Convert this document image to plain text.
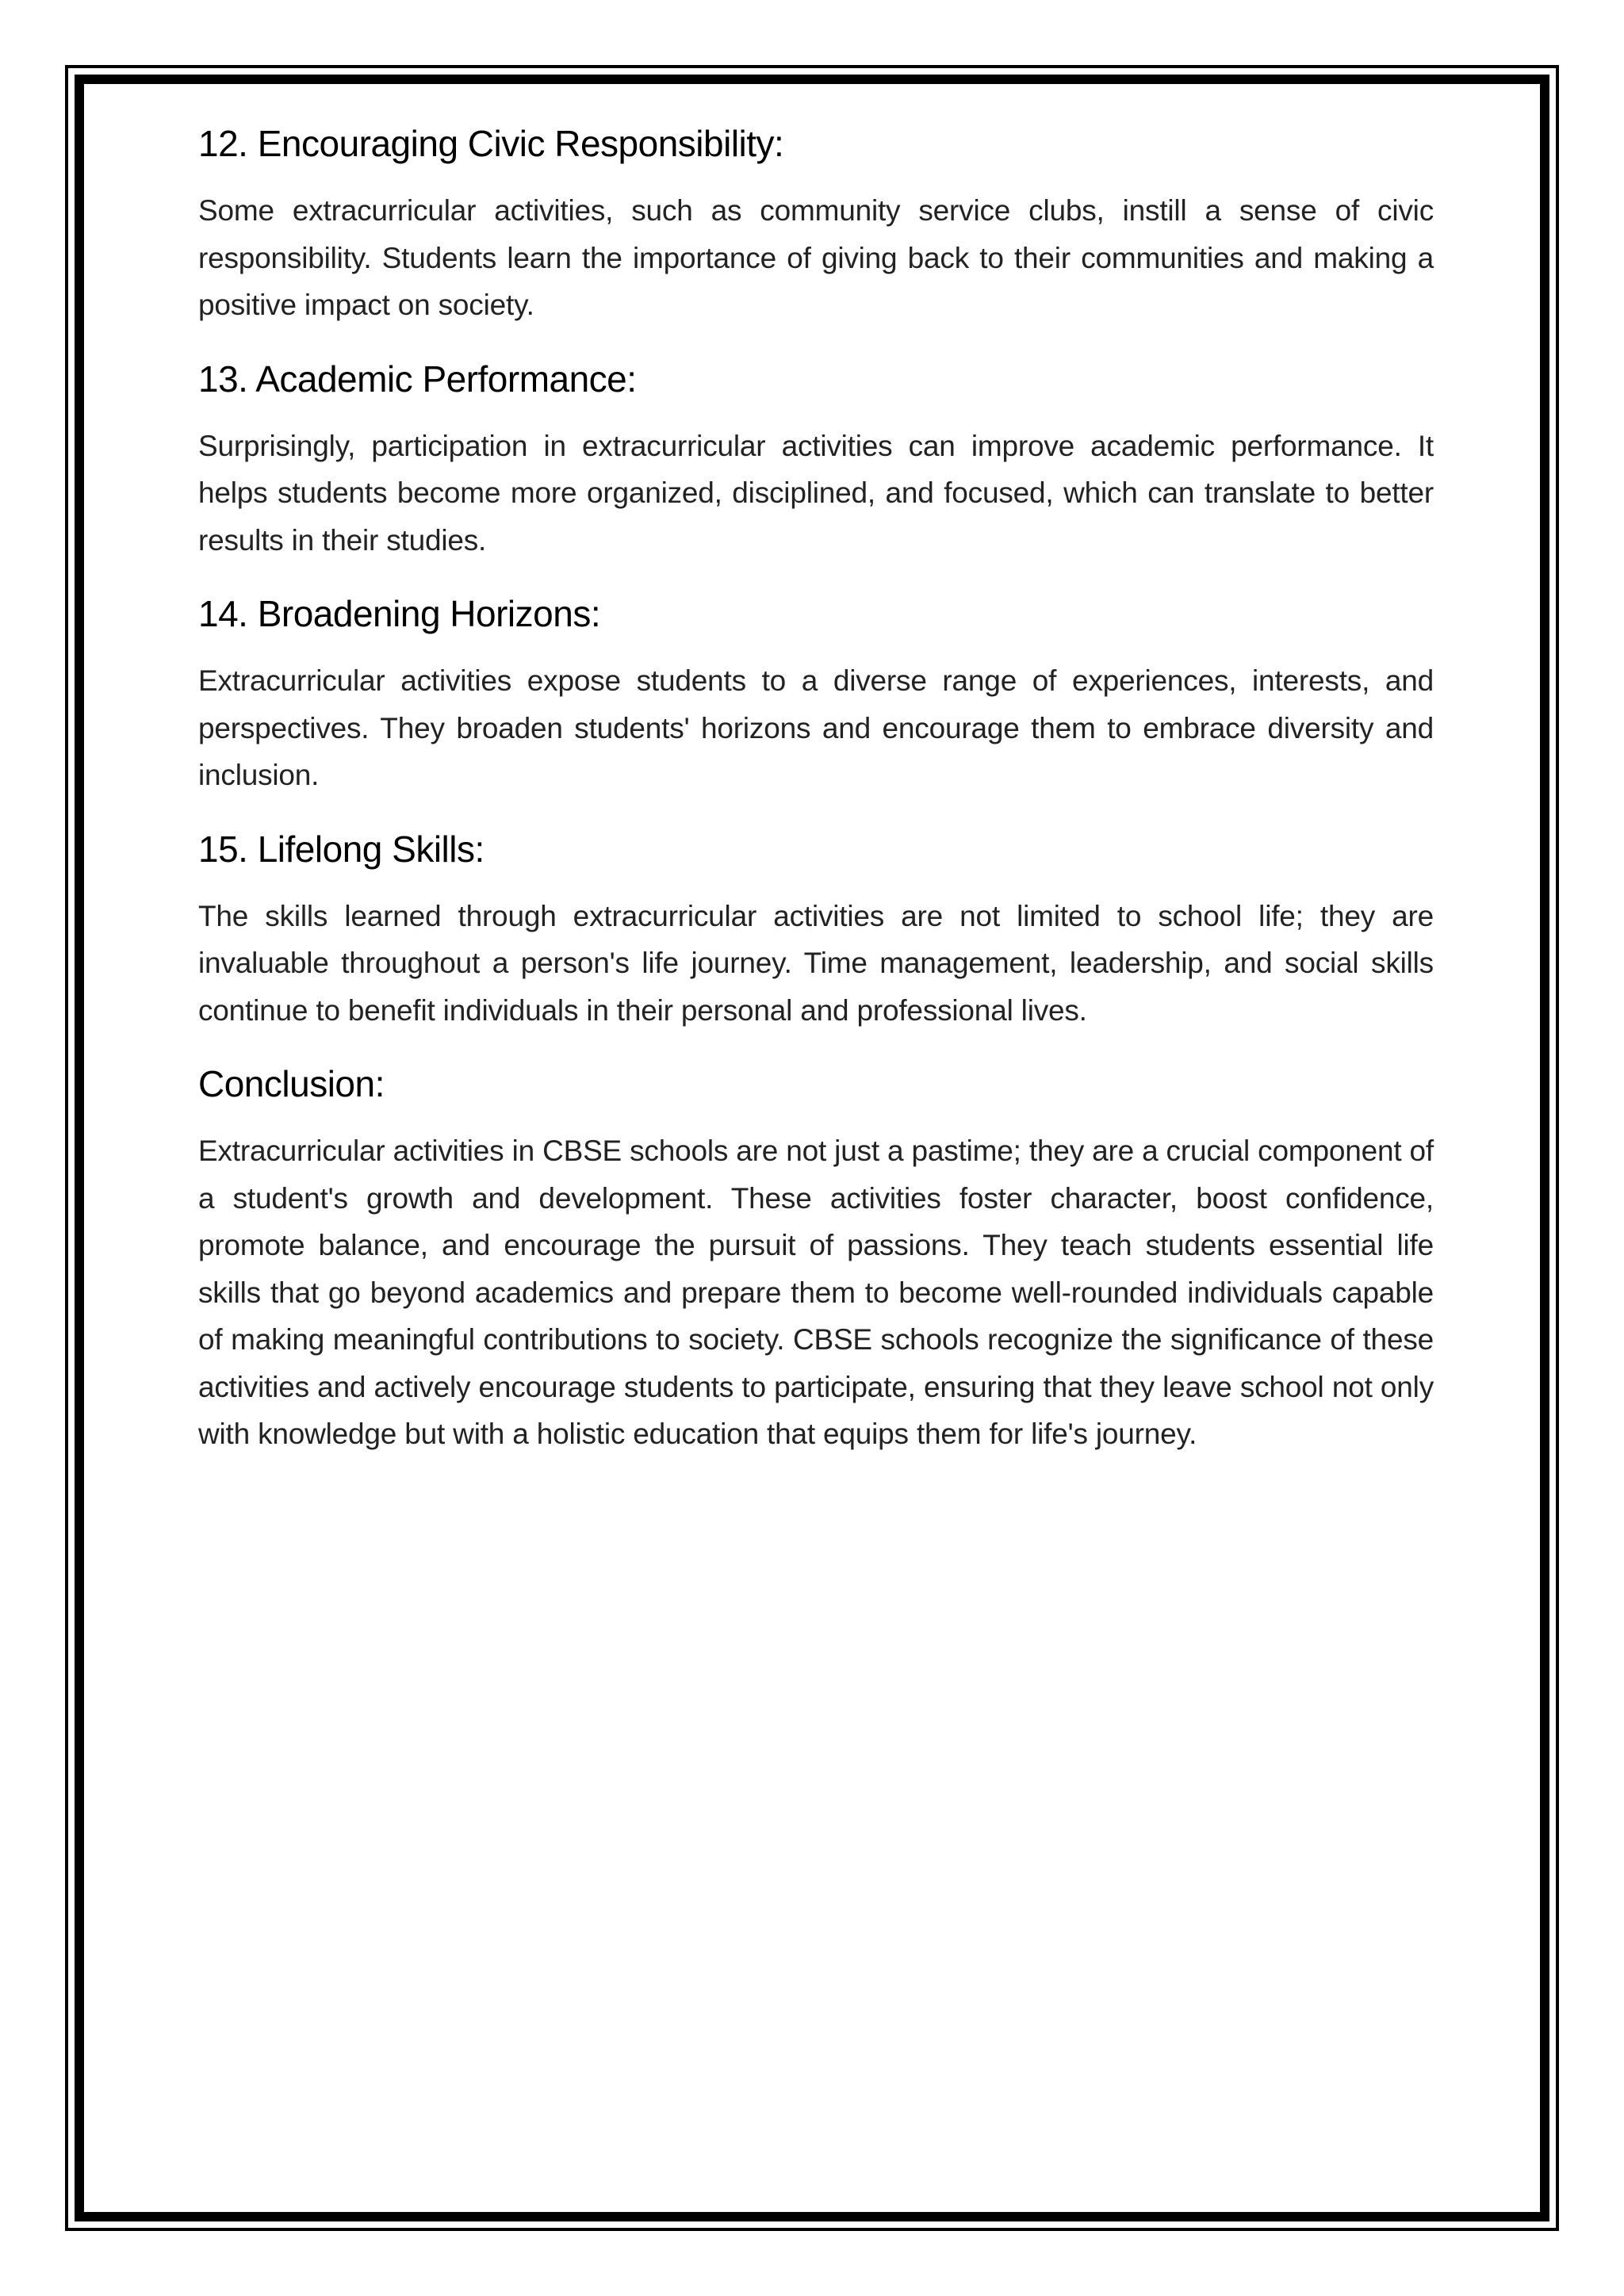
12. Encouraging Civic Responsibility:

Some extracurricular activities, such as community service clubs, instill a sense of civic responsibility. Students learn the importance of giving back to their communities and making a positive impact on society.

13. Academic Performance:

Surprisingly, participation in extracurricular activities can improve academic performance. It helps students become more organized, disciplined, and focused, which can translate to better results in their studies.

14. Broadening Horizons:

Extracurricular activities expose students to a diverse range of experiences, interests, and perspectives. They broaden students' horizons and encourage them to embrace diversity and inclusion.

15. Lifelong Skills:

The skills learned through extracurricular activities are not limited to school life; they are invaluable throughout a person's life journey. Time management, leadership, and social skills continue to benefit individuals in their personal and professional lives.

Conclusion:

Extracurricular activities in CBSE schools are not just a pastime; they are a crucial component of a student's growth and development. These activities foster character, boost confidence, promote balance, and encourage the pursuit of passions. They teach students essential life skills that go beyond academics and prepare them to become well-rounded individuals capable of making meaningful contributions to society. CBSE schools recognize the significance of these activities and actively encourage students to participate, ensuring that they leave school not only with knowledge but with a holistic education that equips them for life's journey.
